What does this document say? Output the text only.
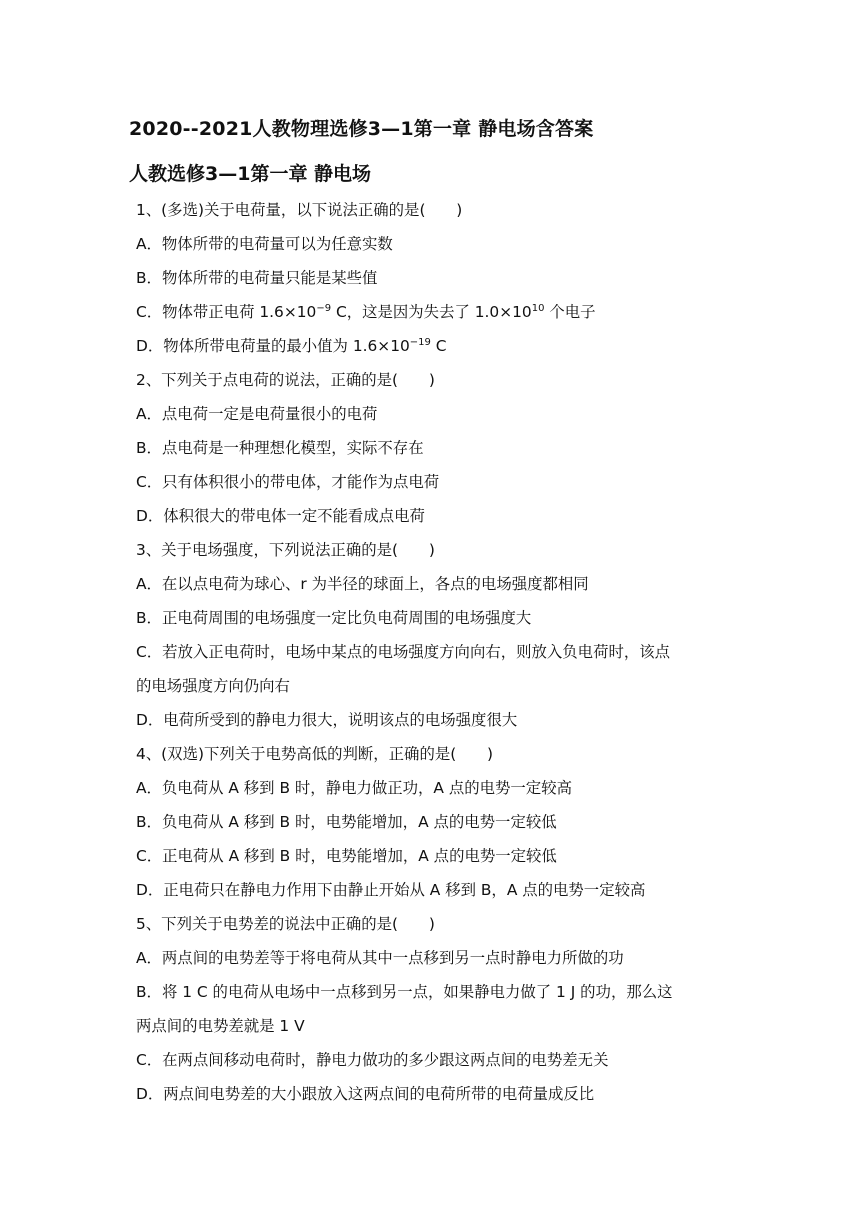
2020--2021人教物理选修3—1第一章 静电场含答案
人教选修3—1第一章 静电场
1、(多选)关于电荷量，以下说法正确的是(　　)
A．物体所带的电荷量可以为任意实数
B．物体所带的电荷量只能是某些值
C．物体带正电荷 $1.6\times 10^{-9}$ C，这是因为失去了 $1.0\times 10^{10}$ 个电子
D．物体所带电荷量的最小值为 $1.6\times 10^{-19}$ C
2、下列关于点电荷的说法，正确的是(　　)
A．点电荷一定是电荷量很小的电荷
B．点电荷是一种理想化模型，实际不存在
C．只有体积很小的带电体，才能作为点电荷
D．体积很大的带电体一定不能看成点电荷
3、关于电场强度，下列说法正确的是(　　)
A．在以点电荷为球心、r 为半径的球面上，各点的电场强度都相同
B．正电荷周围的电场强度一定比负电荷周围的电场强度大
C．若放入正电荷时，电场中某点的电场强度方向向右，则放入负电荷时，该点
的电场强度方向仍向右
D．电荷所受到的静电力很大，说明该点的电场强度很大
4、(双选)下列关于电势高低的判断，正确的是(　　)
A．负电荷从 A 移到 B 时，静电力做正功，A 点的电势一定较高
B．负电荷从 A 移到 B 时，电势能增加，A 点的电势一定较低
C．正电荷从 A 移到 B 时，电势能增加，A 点的电势一定较低
D．正电荷只在静电力作用下由静止开始从 A 移到 B，A 点的电势一定较高
5、下列关于电势差的说法中正确的是(　　)
A．两点间的电势差等于将电荷从其中一点移到另一点时静电力所做的功
B．将 1 C 的电荷从电场中一点移到另一点，如果静电力做了 1 J 的功，那么这
两点间的电势差就是 1 V
C．在两点间移动电荷时，静电力做功的多少跟这两点间的电势差无关
D．两点间电势差的大小跟放入这两点间的电荷所带的电荷量成反比
